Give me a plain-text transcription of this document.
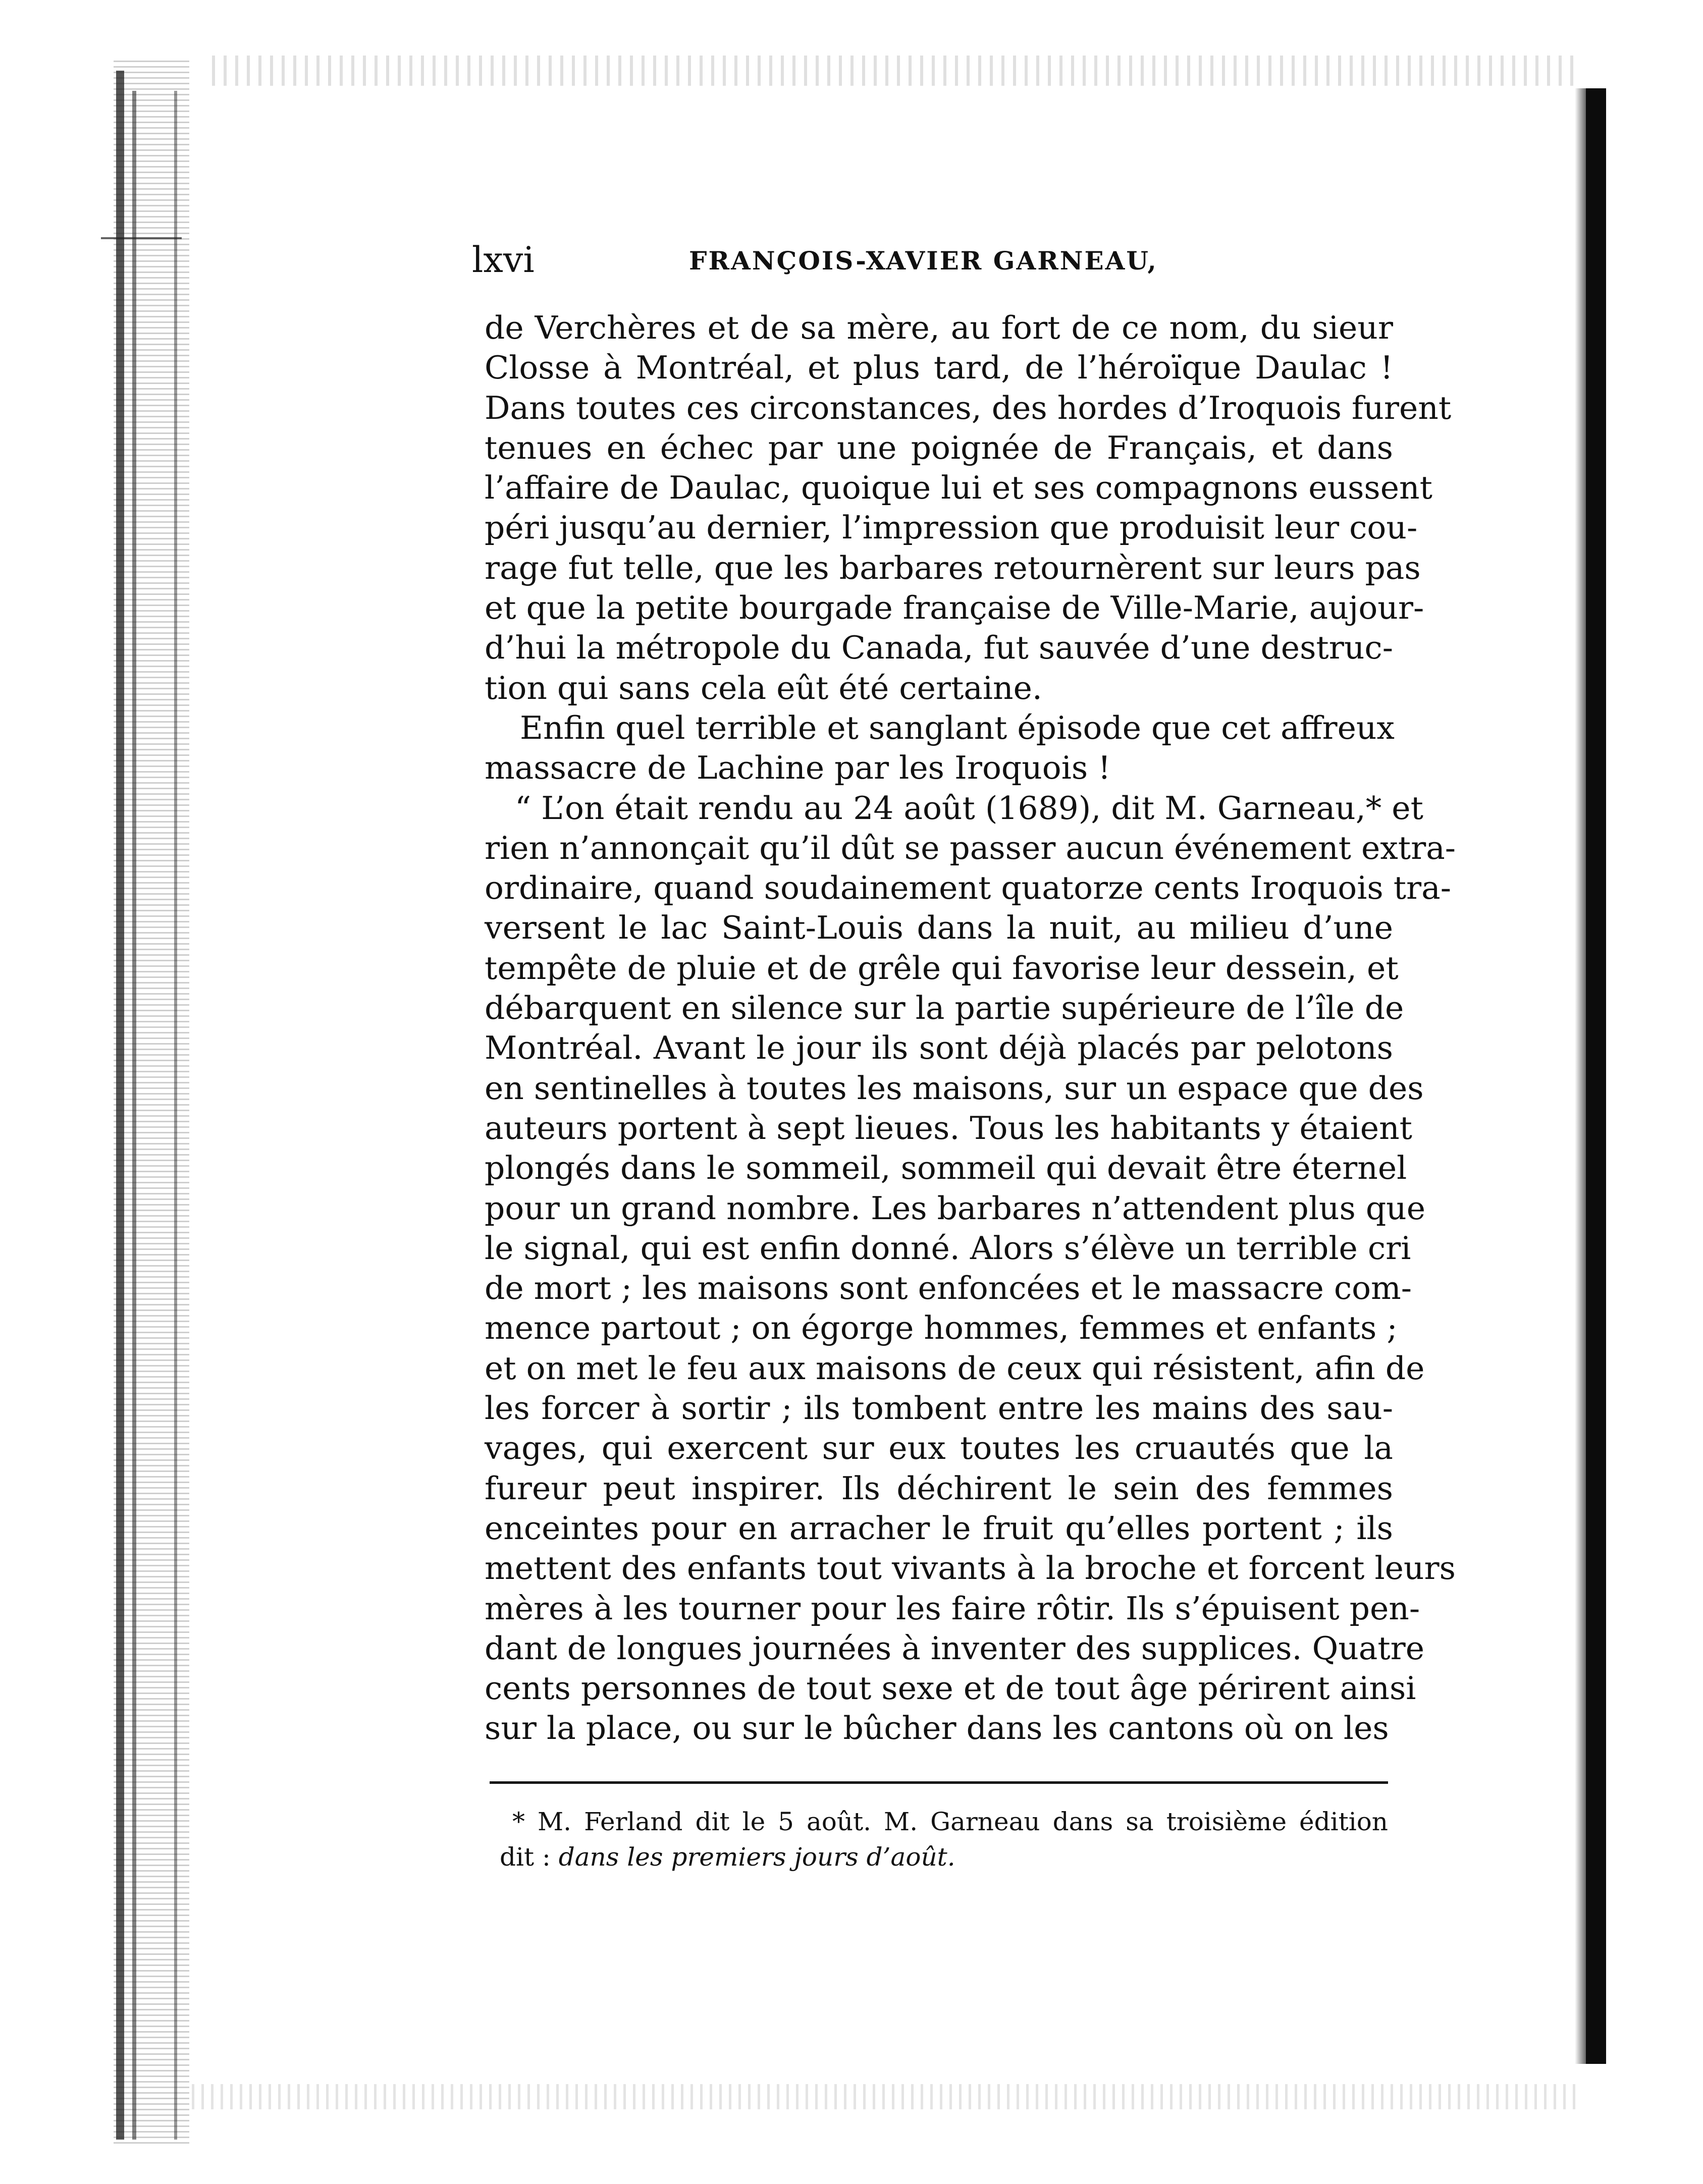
lxvi	FRANÇOIS-XAVIER GARNEAU,
de Verchères et de sa mère, au fort de ce nom, du sieur
Closse à Montréal, et plus tard, de l’héroïque Daulac !
Dans toutes ces circonstances, des hordes d’Iroquois furent
tenues en échec par une poignée de Français, et dans
l’affaire de Daulac, quoique lui et ses compagnons eussent
péri jusqu’au dernier, l’impression que produisit leur cou-
rage fut telle, que les barbares retournèrent sur leurs pas
et que la petite bourgade française de Ville-Marie, aujour-
d’hui la métropole du Canada, fut sauvée d’une destruc-
tion qui sans cela eût été certaine.
Enfin quel terrible et sanglant épisode que cet affreux
massacre de Lachine par les Iroquois !
“ L’on était rendu au 24 août (1689), dit M. Garneau,* et
rien n’annonçait qu’il dût se passer aucun événement extra-
ordinaire, quand soudainement quatorze cents Iroquois tra-
versent le lac Saint-Louis dans la nuit, au milieu d’une
tempête de pluie et de grêle qui favorise leur dessein, et
débarquent en silence sur la partie supérieure de l’île de
Montréal. Avant le jour ils sont déjà placés par pelotons
en sentinelles à toutes les maisons, sur un espace que des
auteurs portent à sept lieues. Tous les habitants y étaient
plongés dans le sommeil, sommeil qui devait être éternel
pour un grand nombre. Les barbares n’attendent plus que
le signal, qui est enfin donné. Alors s’élève un terrible cri
de mort ; les maisons sont enfoncées et le massacre com-
mence partout ; on égorge hommes, femmes et enfants ;
et on met le feu aux maisons de ceux qui résistent, afin de
les forcer à sortir ; ils tombent entre les mains des sau-
vages, qui exercent sur eux toutes les cruautés que la
fureur peut inspirer. Ils déchirent le sein des femmes
enceintes pour en arracher le fruit qu’elles portent ; ils
mettent des enfants tout vivants à la broche et forcent leurs
mères à les tourner pour les faire rôtir. Ils s’épuisent pen-
dant de longues journées à inventer des supplices. Quatre
cents personnes de tout sexe et de tout âge périrent ainsi
sur la place, ou sur le bûcher dans les cantons où on les
* M. Ferland dit le 5 août. M. Garneau dans sa troisième édition
dit : dans les premiers jours d’août.
